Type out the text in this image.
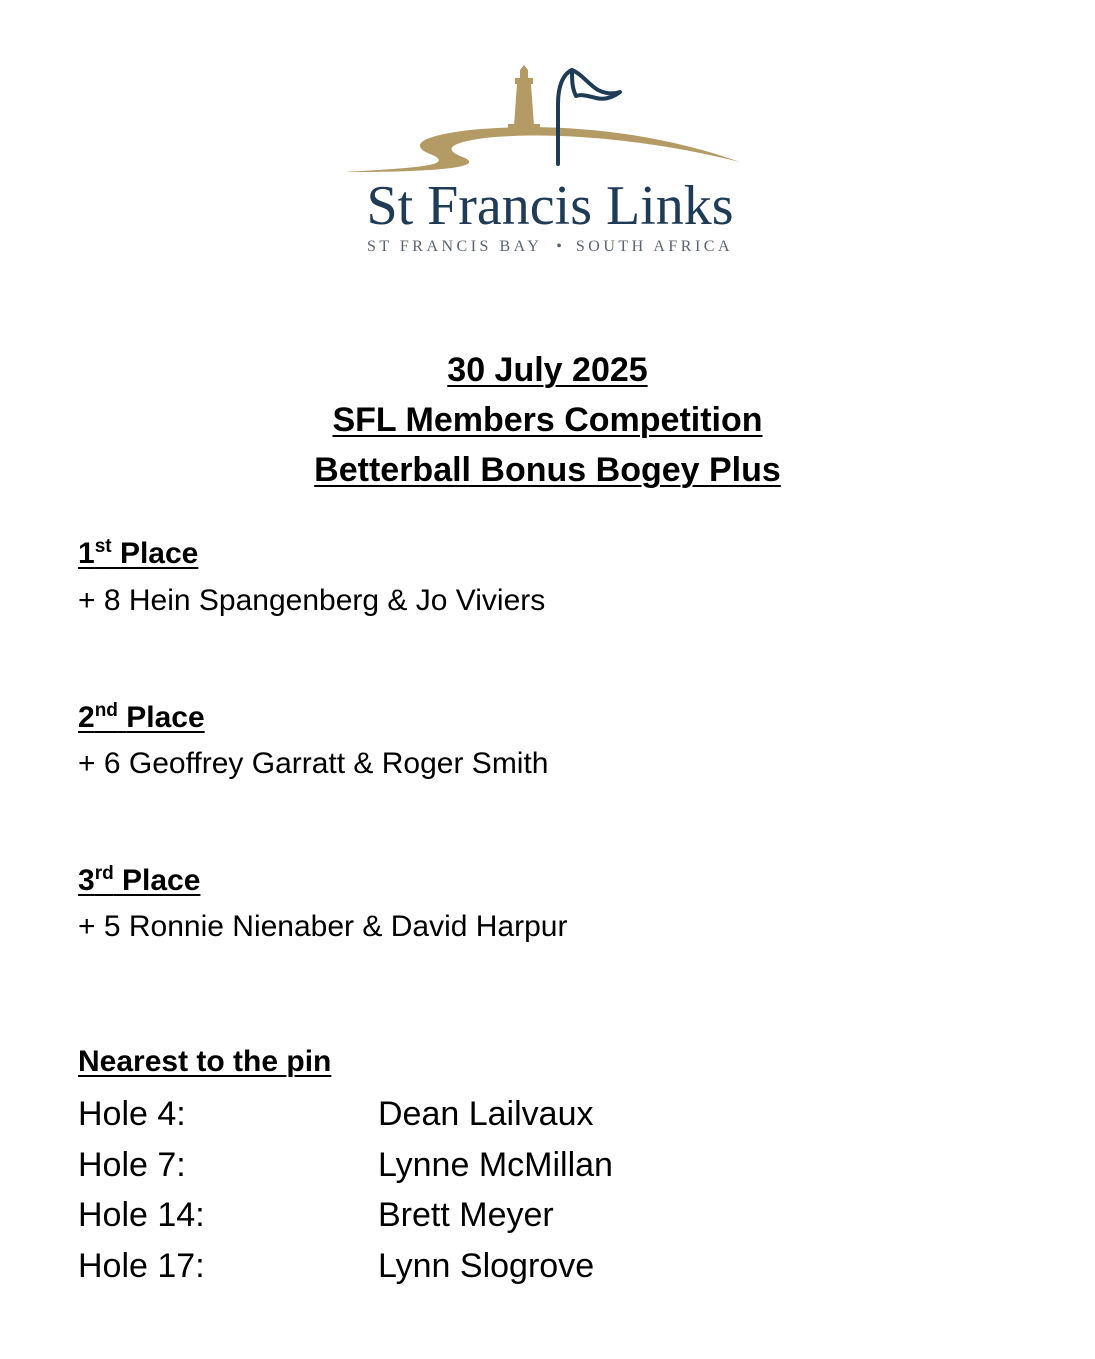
St Francis Links
ST FRANCIS BAY • SOUTH AFRICA
30 July 2025
SFL Members Competition
Betterball Bonus Bogey Plus
1st Place
+ 8 Hein Spangenberg & Jo Viviers
2nd Place
+ 6 Geoffrey Garratt & Roger Smith
3rd Place
+ 5 Ronnie Nienaber & David Harpur
Nearest to the pin
Hole 4:	Dean Lailvaux
Hole 7:	Lynne McMillan
Hole 14:	Brett Meyer
Hole 17:	Lynn Slogrove
